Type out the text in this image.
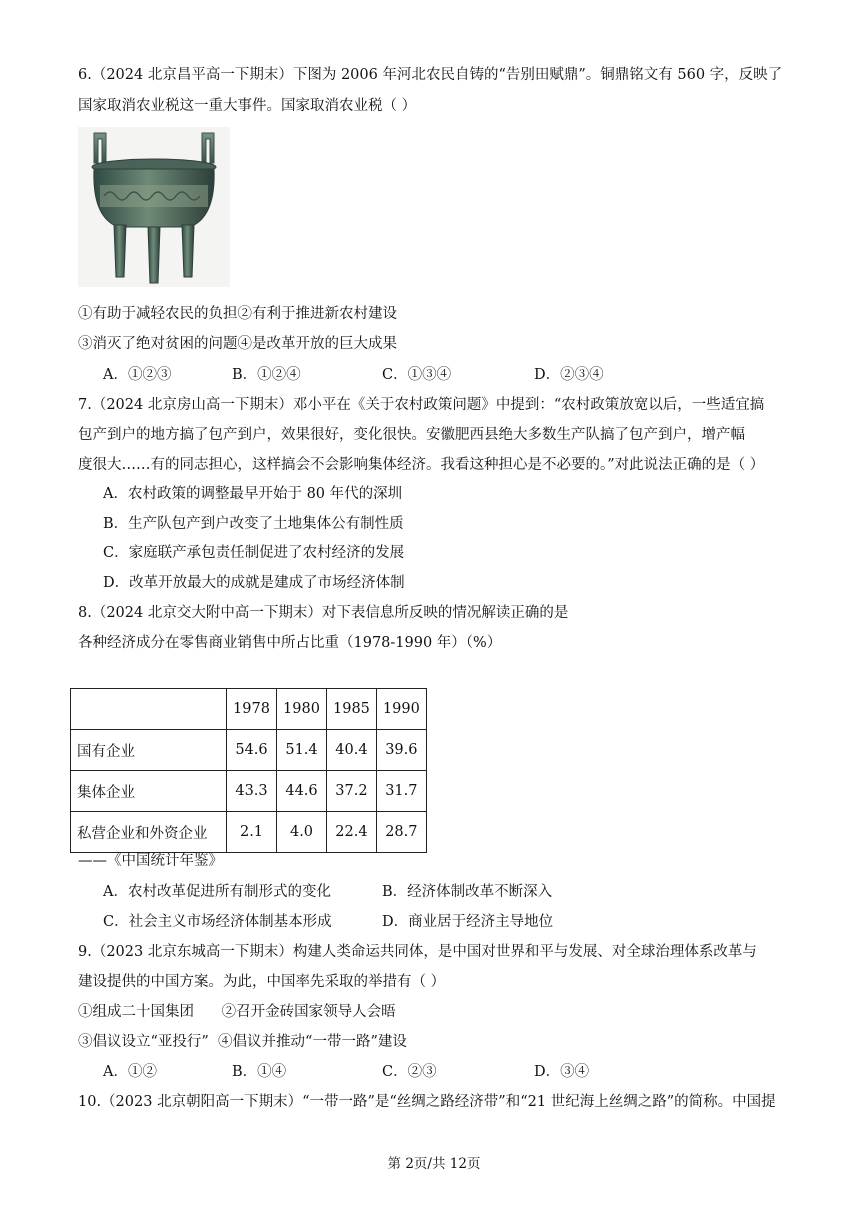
6.（2024 北京昌平高一下期末）下图为 2006 年河北农民自铸的“告别田赋鼎”。铜鼎铭文有 560 字，反映了
国家取消农业税这一重大事件。国家取消农业税（ ）
①有助于减轻农民的负担②有利于推进新农村建设
③消灭了绝对贫困的问题④是改革开放的巨大成果
A．①②③	B．①②④	C．①③④	D．②③④
7.（2024 北京房山高一下期末）邓小平在《关于农村政策问题》中提到：“农村政策放宽以后，一些适宜搞
包产到户的地方搞了包产到户，效果很好，变化很快。安徽肥西县绝大多数生产队搞了包产到户，增产幅
度很大……有的同志担心，这样搞会不会影响集体经济。我看这种担心是不必要的。”对此说法正确的是（ ）
A．农村政策的调整最早开始于 80 年代的深圳
B．生产队包产到户改变了土地集体公有制性质
C．家庭联产承包责任制促进了农村经济的发展
D．改革开放最大的成就是建成了市场经济体制
8.（2024 北京交大附中高一下期末）对下表信息所反映的情况解读正确的是
各种经济成分在零售商业销售中所占比重（1978-1990 年）（%）
	1978	1980	1985	1990
国有企业	54.6	51.4	40.4	39.6
集体企业	43.3	44.6	37.2	31.7
私营企业和外资企业	2.1	4.0	22.4	28.7
——《中国统计年鉴》
A．农村改革促进所有制形式的变化	B．经济体制改革不断深入
C．社会主义市场经济体制基本形成	D．商业居于经济主导地位
9.（2023 北京东城高一下期末）构建人类命运共同体，是中国对世界和平与发展、对全球治理体系改革与
建设提供的中国方案。为此，中国率先采取的举措有（ ）
①组成二十国集团      ②召开金砖国家领导人会晤
③倡议设立“亚投行”  ④倡议并推动“一带一路”建设
A．①②	B．①④	C．②③	D．③④
10.（2023 北京朝阳高一下期末）“一带一路”是“丝绸之路经济带”和“21 世纪海上丝绸之路”的简称。中国提
第 2页/共 12页
